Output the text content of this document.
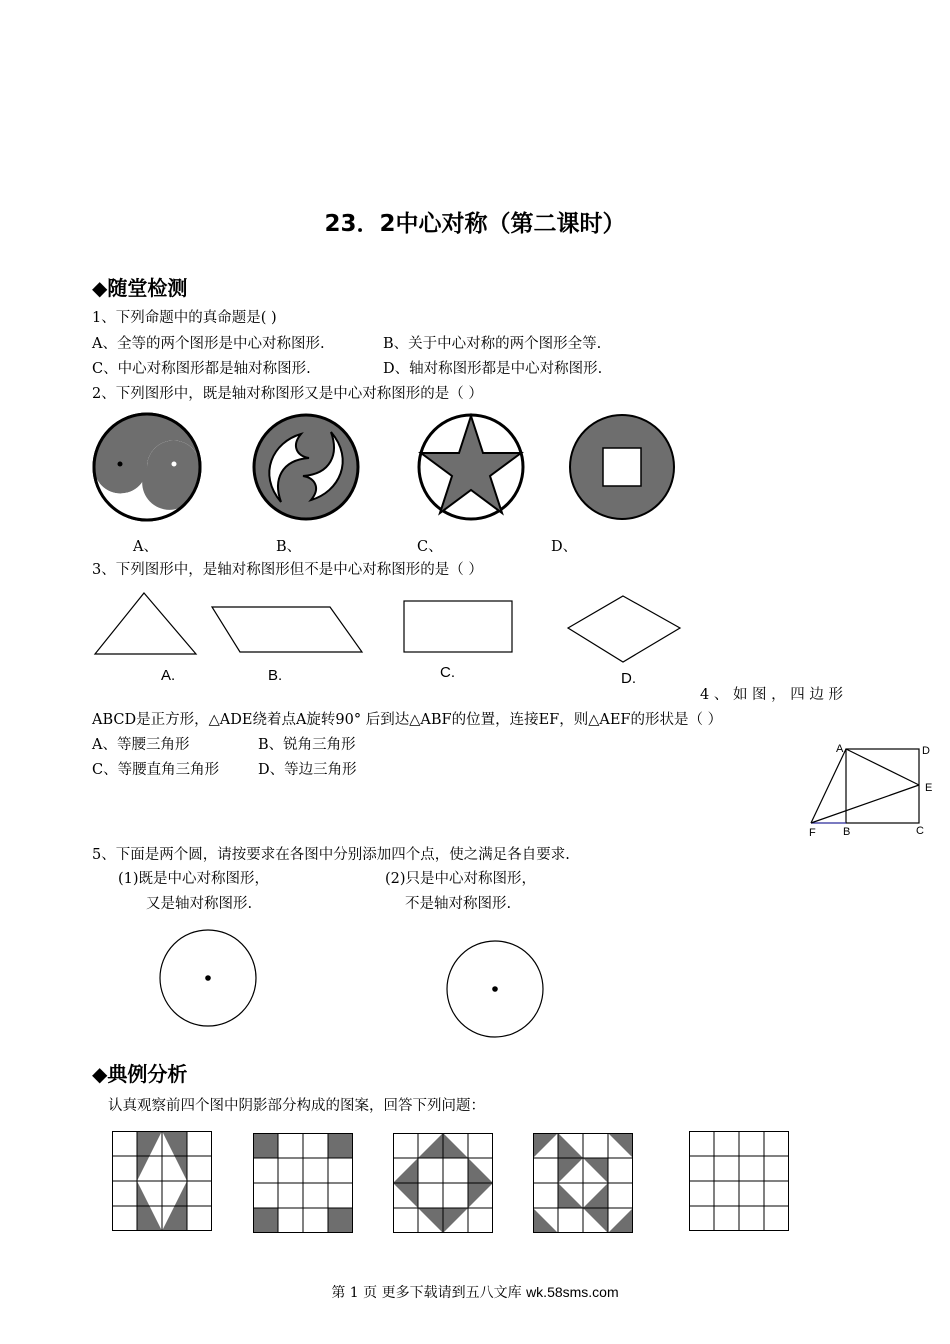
23．2中心对称（第二课时）
◆随堂检测
1、下列命题中的真命题是( )
A、全等的两个图形是中心对称图形.	B、关于中心对称的两个图形全等.
C、中心对称图形都是轴对称图形.	D、轴对称图形都是中心对称图形.
2、下列图形中，既是轴对称图形又是中心对称图形的是（ ）
A、	B、	C、	D、
3、下列图形中，是轴对称图形但不是中心对称图形的是（ ）
A.	B.	C.	D.
4 、 如 图 ， 四 边 形
ABCD是正方形，△ADE绕着点A旋转90° 后到达△ABF的位置，连接EF，则△AEF的形状是（ ）
A、等腰三角形	B、锐角三角形
C、等腰直角三角形	D、等边三角形
A	D
E
F B	C
5、下面是两个圆，请按要求在各图中分别添加四个点，使之满足各自要求.
(1)既是中心对称图形，
又是轴对称图形.
(2)只是中心对称图形，
不是轴对称图形.
◆典例分析
认真观察前四个图中阴影部分构成的图案，回答下列问题：
第 1 页 更多下载请到五八文库 wk.58sms.com
